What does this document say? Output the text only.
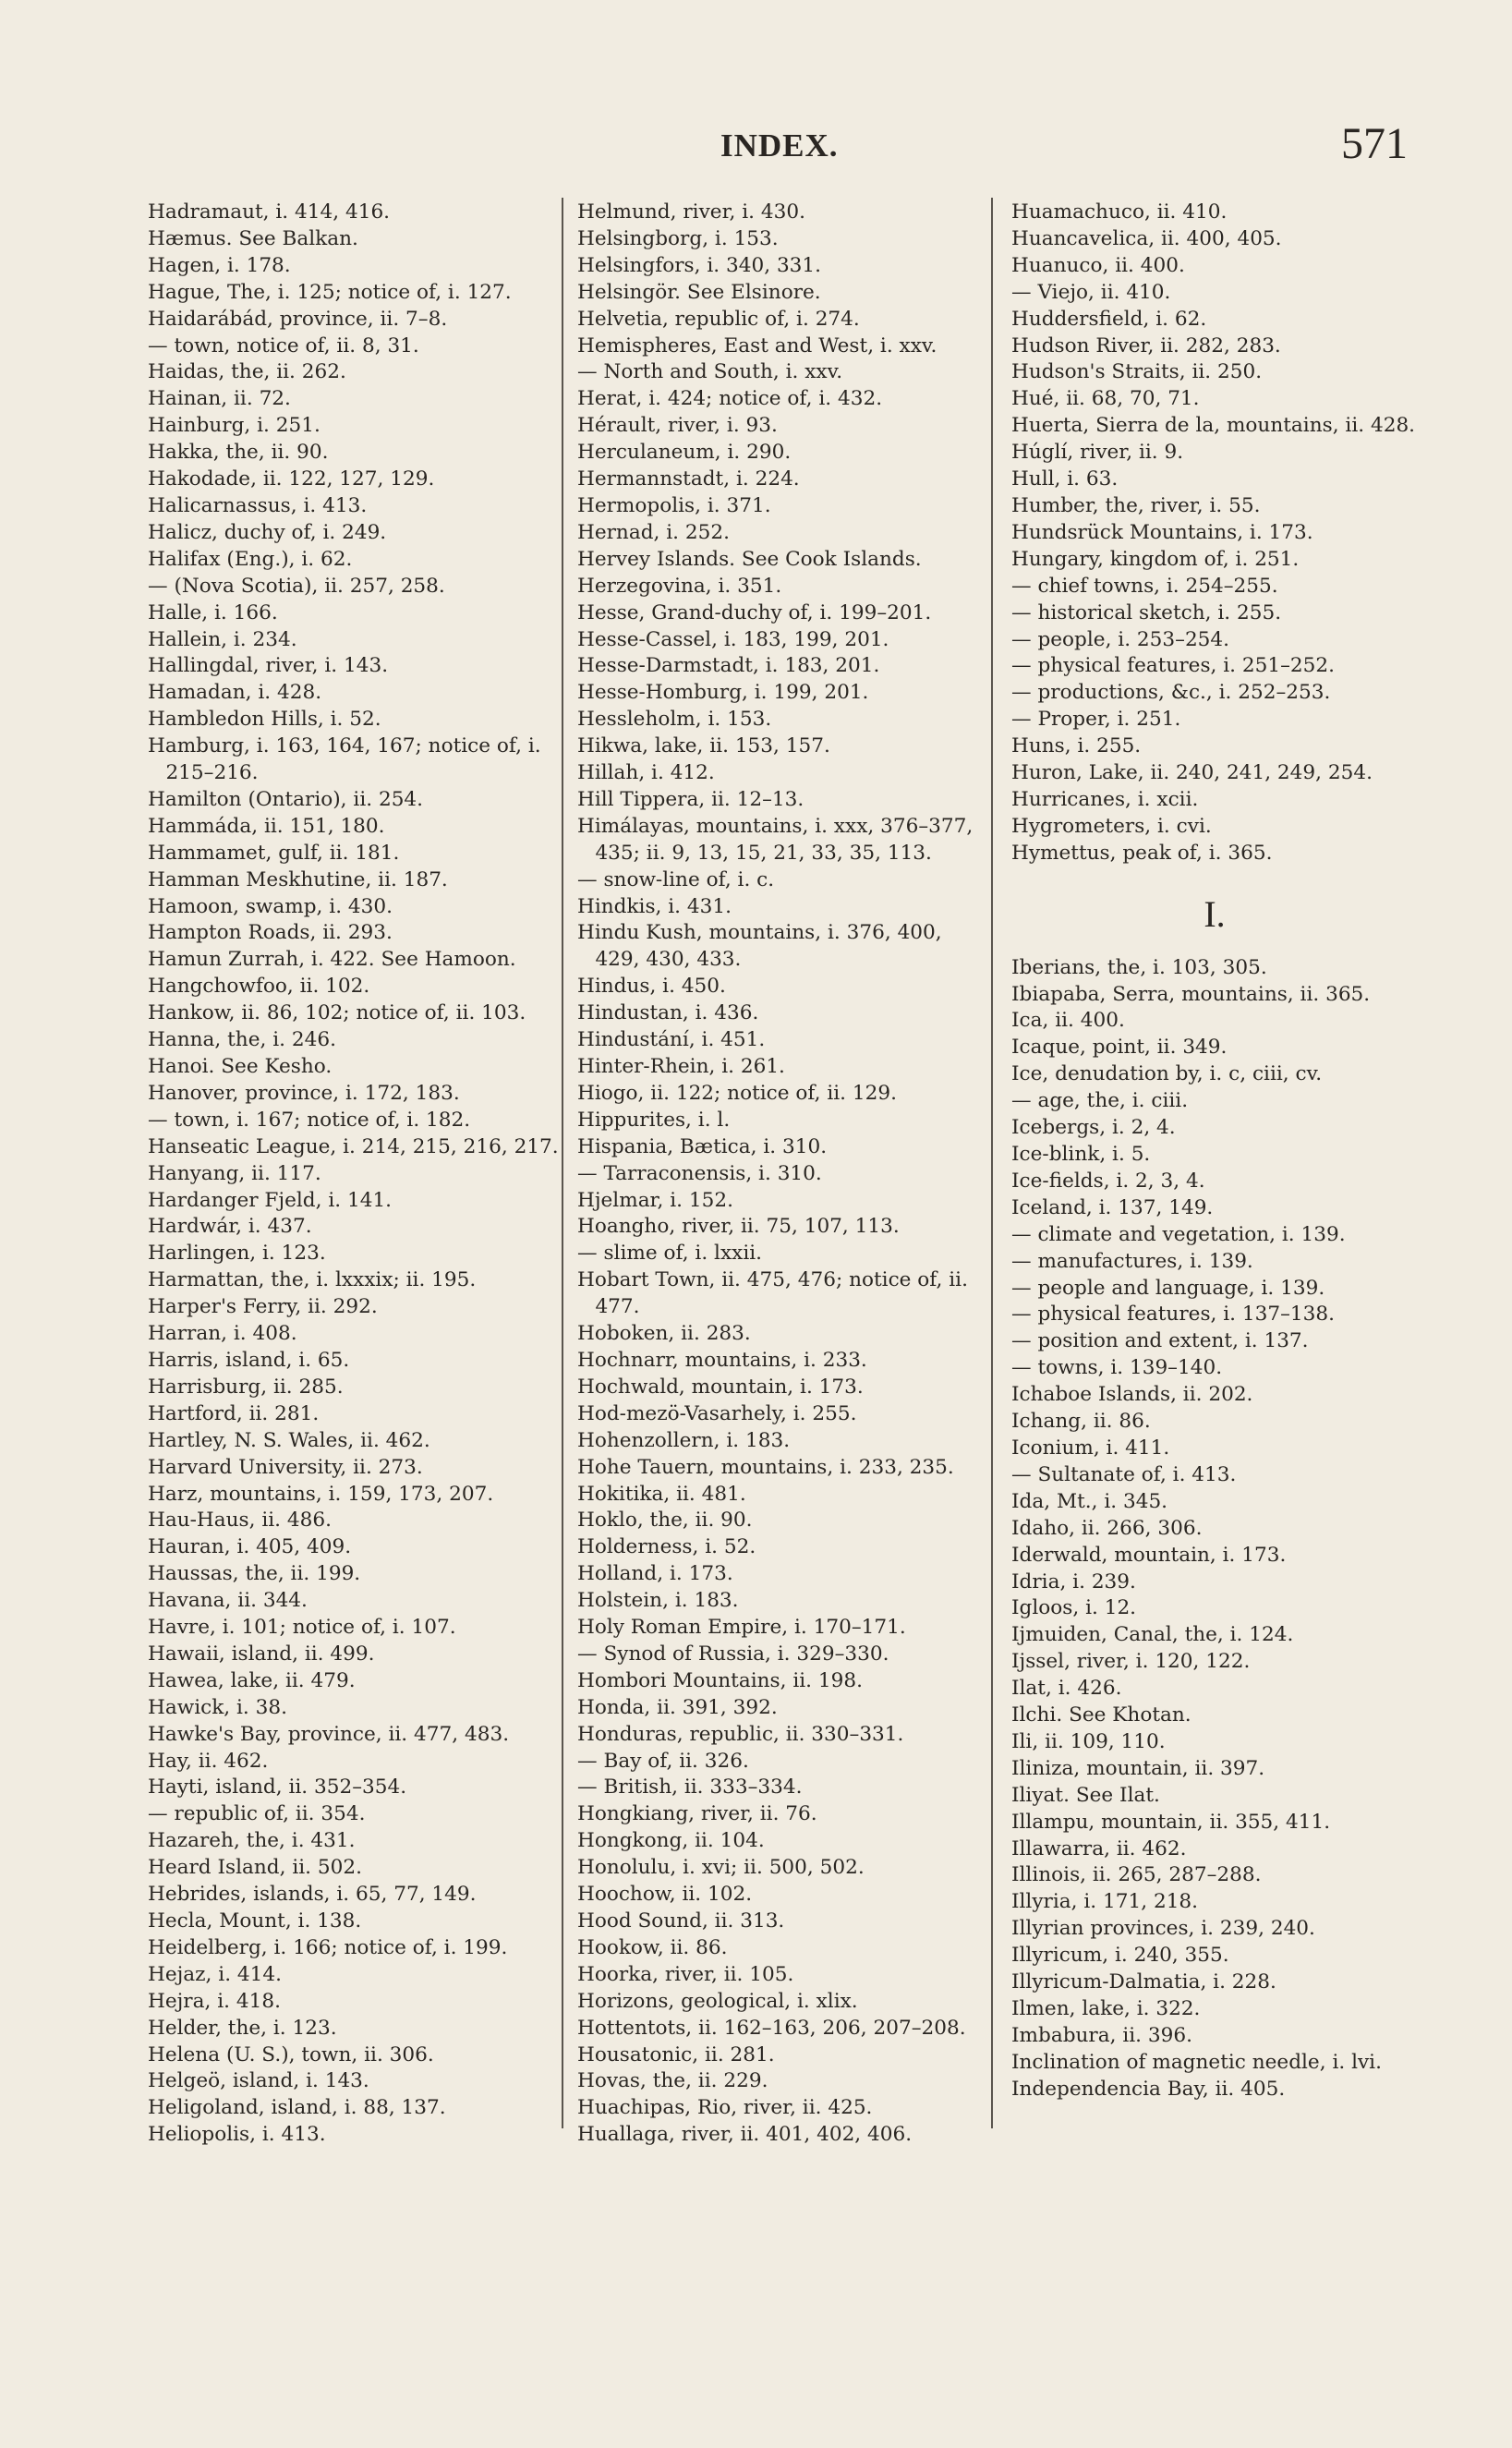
INDEX.	571
Hadramaut, i. 414, 416.
Hæmus. See Balkan.
Hagen, i. 178.
Hague, The, i. 125; notice of, i. 127.
Haidarábád, province, ii. 7–8.
— town, notice of, ii. 8, 31.
Haidas, the, ii. 262.
Hainan, ii. 72.
Hainburg, i. 251.
Hakka, the, ii. 90.
Hakodade, ii. 122, 127, 129.
Halicarnassus, i. 413.
Halicz, duchy of, i. 249.
Halifax (Eng.), i. 62.
— (Nova Scotia), ii. 257, 258.
Halle, i. 166.
Hallein, i. 234.
Hallingdal, river, i. 143.
Hamadan, i. 428.
Hambledon Hills, i. 52.
Hamburg, i. 163, 164, 167; notice of, i. 215–216.
Hamilton (Ontario), ii. 254.
Hammáda, ii. 151, 180.
Hammamet, gulf, ii. 181.
Hamman Meskhutine, ii. 187.
Hamoon, swamp, i. 430.
Hampton Roads, ii. 293.
Hamun Zurrah, i. 422. See Hamoon.
Hangchowfoo, ii. 102.
Hankow, ii. 86, 102; notice of, ii. 103.
Hanna, the, i. 246.
Hanoi. See Kesho.
Hanover, province, i. 172, 183.
— town, i. 167; notice of, i. 182.
Hanseatic League, i. 214, 215, 216, 217.
Hanyang, ii. 117.
Hardanger Fjeld, i. 141.
Hardwár, i. 437.
Harlingen, i. 123.
Harmattan, the, i. lxxxix; ii. 195.
Harper's Ferry, ii. 292.
Harran, i. 408.
Harris, island, i. 65.
Harrisburg, ii. 285.
Hartford, ii. 281.
Hartley, N. S. Wales, ii. 462.
Harvard University, ii. 273.
Harz, mountains, i. 159, 173, 207.
Hau-Haus, ii. 486.
Hauran, i. 405, 409.
Haussas, the, ii. 199.
Havana, ii. 344.
Havre, i. 101; notice of, i. 107.
Hawaii, island, ii. 499.
Hawea, lake, ii. 479.
Hawick, i. 38.
Hawke's Bay, province, ii. 477, 483.
Hay, ii. 462.
Hayti, island, ii. 352–354.
— republic of, ii. 354.
Hazareh, the, i. 431.
Heard Island, ii. 502.
Hebrides, islands, i. 65, 77, 149.
Hecla, Mount, i. 138.
Heidelberg, i. 166; notice of, i. 199.
Hejaz, i. 414.
Hejra, i. 418.
Helder, the, i. 123.
Helena (U. S.), town, ii. 306.
Helgeö, island, i. 143.
Heligoland, island, i. 88, 137.
Heliopolis, i. 413.
Helmund, river, i. 430.
Helsingborg, i. 153.
Helsingfors, i. 340, 331.
Helsingör. See Elsinore.
Helvetia, republic of, i. 274.
Hemispheres, East and West, i. xxv.
— North and South, i. xxv.
Herat, i. 424; notice of, i. 432.
Hérault, river, i. 93.
Herculaneum, i. 290.
Hermannstadt, i. 224.
Hermopolis, i. 371.
Hernad, i. 252.
Hervey Islands. See Cook Islands.
Herzegovina, i. 351.
Hesse, Grand-duchy of, i. 199–201.
Hesse-Cassel, i. 183, 199, 201.
Hesse-Darmstadt, i. 183, 201.
Hesse-Homburg, i. 199, 201.
Hessleholm, i. 153.
Hikwa, lake, ii. 153, 157.
Hillah, i. 412.
Hill Tippera, ii. 12–13.
Himálayas, mountains, i. xxx, 376–377, 435; ii. 9, 13, 15, 21, 33, 35, 113.
— snow-line of, i. c.
Hindkis, i. 431.
Hindu Kush, mountains, i. 376, 400, 429, 430, 433.
Hindus, i. 450.
Hindustan, i. 436.
Hindustání, i. 451.
Hinter-Rhein, i. 261.
Hiogo, ii. 122; notice of, ii. 129.
Hippurites, i. l.
Hispania, Bætica, i. 310.
— Tarraconensis, i. 310.
Hjelmar, i. 152.
Hoangho, river, ii. 75, 107, 113.
— slime of, i. lxxii.
Hobart Town, ii. 475, 476; notice of, ii. 477.
Hoboken, ii. 283.
Hochnarr, mountains, i. 233.
Hochwald, mountain, i. 173.
Hod-mezö-Vasarhely, i. 255.
Hohenzollern, i. 183.
Hohe Tauern, mountains, i. 233, 235.
Hokitika, ii. 481.
Hoklo, the, ii. 90.
Holderness, i. 52.
Holland, i. 173.
Holstein, i. 183.
Holy Roman Empire, i. 170–171.
— Synod of Russia, i. 329–330.
Hombori Mountains, ii. 198.
Honda, ii. 391, 392.
Honduras, republic, ii. 330–331.
— Bay of, ii. 326.
— British, ii. 333–334.
Hongkiang, river, ii. 76.
Hongkong, ii. 104.
Honolulu, i. xvi; ii. 500, 502.
Hoochow, ii. 102.
Hood Sound, ii. 313.
Hookow, ii. 86.
Hoorka, river, ii. 105.
Horizons, geological, i. xlix.
Hottentots, ii. 162–163, 206, 207–208.
Housatonic, ii. 281.
Hovas, the, ii. 229.
Huachipas, Rio, river, ii. 425.
Huallaga, river, ii. 401, 402, 406.
Huamachuco, ii. 410.
Huancavelica, ii. 400, 405.
Huanuco, ii. 400.
— Viejo, ii. 410.
Huddersfield, i. 62.
Hudson River, ii. 282, 283.
Hudson's Straits, ii. 250.
Hué, ii. 68, 70, 71.
Huerta, Sierra de la, mountains, ii. 428.
Húglí, river, ii. 9.
Hull, i. 63.
Humber, the, river, i. 55.
Hundsrück Mountains, i. 173.
Hungary, kingdom of, i. 251.
— chief towns, i. 254–255.
— historical sketch, i. 255.
— people, i. 253–254.
— physical features, i. 251–252.
— productions, &c., i. 252–253.
— Proper, i. 251.
Huns, i. 255.
Huron, Lake, ii. 240, 241, 249, 254.
Hurricanes, i. xcii.
Hygrometers, i. cvi.
Hymettus, peak of, i. 365.
I.
Iberians, the, i. 103, 305.
Ibiapaba, Serra, mountains, ii. 365.
Ica, ii. 400.
Icaque, point, ii. 349.
Ice, denudation by, i. c, ciii, cv.
— age, the, i. ciii.
Icebergs, i. 2, 4.
Ice-blink, i. 5.
Ice-fields, i. 2, 3, 4.
Iceland, i. 137, 149.
— climate and vegetation, i. 139.
— manufactures, i. 139.
— people and language, i. 139.
— physical features, i. 137–138.
— position and extent, i. 137.
— towns, i. 139–140.
Ichaboe Islands, ii. 202.
Ichang, ii. 86.
Iconium, i. 411.
— Sultanate of, i. 413.
Ida, Mt., i. 345.
Idaho, ii. 266, 306.
Iderwald, mountain, i. 173.
Idria, i. 239.
Igloos, i. 12.
Ijmuiden, Canal, the, i. 124.
Ijssel, river, i. 120, 122.
Ilat, i. 426.
Ilchi. See Khotan.
Ili, ii. 109, 110.
Iliniza, mountain, ii. 397.
Iliyat. See Ilat.
Illampu, mountain, ii. 355, 411.
Illawarra, ii. 462.
Illinois, ii. 265, 287–288.
Illyria, i. 171, 218.
Illyrian provinces, i. 239, 240.
Illyricum, i. 240, 355.
Illyricum-Dalmatia, i. 228.
Ilmen, lake, i. 322.
Imbabura, ii. 396.
Inclination of magnetic needle, i. lvi.
Independencia Bay, ii. 405.
